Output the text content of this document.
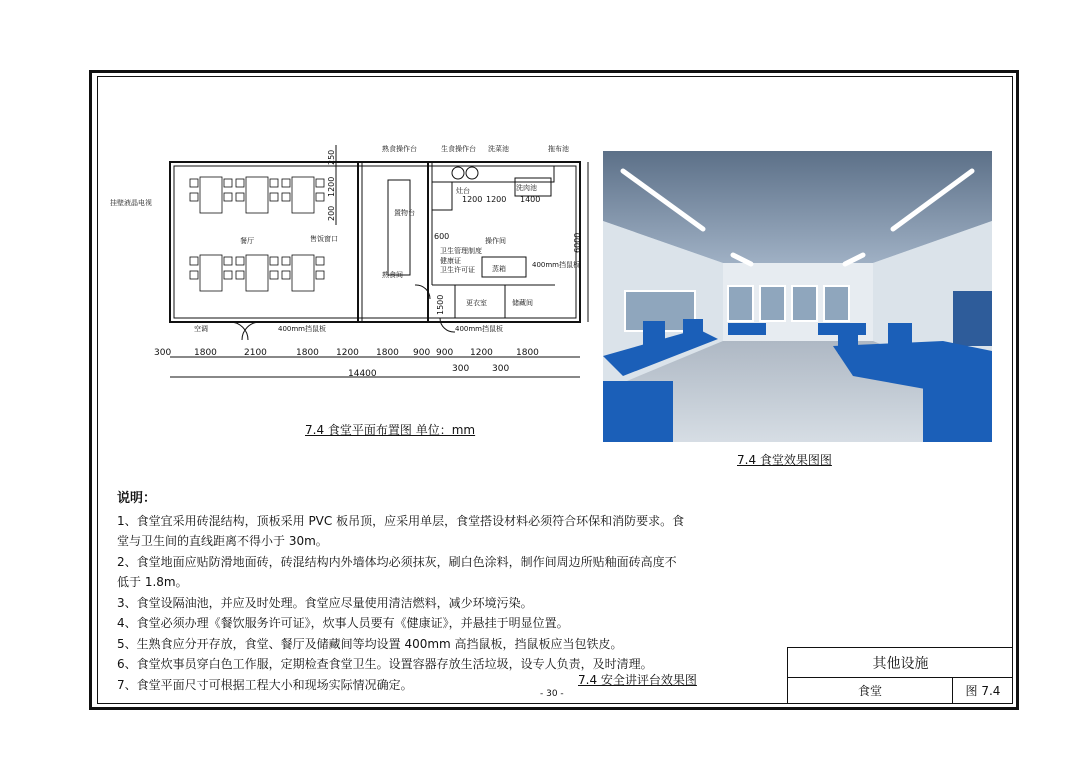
挂壁液晶电视
餐厅	售饭窗口
熟食操作台	生食操作台 洗菜池	拖布池
灶台	洗肉池
置物台
熟食间
操作间
卫生管理制度
健康证
卫生许可证 蒸箱
更衣室	储藏间
空调	400mm挡鼠板	400mm挡鼠板
400mm挡鼠板
300	1800	2100	1800 1200 1800 900 900 1200	1800
14400	300	300
1200 1200 1400
600	6000
250
1200
200
1500
7.4 食堂平面布置图 单位：mm
7.4 食堂效果图图
说明：

1、食堂宜采用砖混结构，顶板采用 PVC 板吊顶，应采用单层，食堂搭设材料必须符合环保和消防要求。食

堂与卫生间的直线距离不得小于 30m。

2、食堂地面应贴防滑地面砖，砖混结构内外墙体均必须抹灰，刷白色涂料，制作间周边所贴釉面砖高度不

低于 1.8m。

3、食堂设隔油池，并应及时处理。食堂应尽量使用清洁燃料，减少环境污染。

4、食堂必须办理《餐饮服务许可证》，炊事人员要有《健康证》，并悬挂于明显位置。

5、生熟食应分开存放，食堂、餐厅及储藏间等均设置 400mm 高挡鼠板，挡鼠板应当包铁皮。

6、食堂炊事员穿白色工作服，定期检查食堂卫生。设置容器存放生活垃圾，设专人负责，及时清理。

7、食堂平面尺寸可根据工程大小和现场实际情况确定。	7.4 安全讲评台效果图
- 30 -
其他设施
食堂	图 7.4
